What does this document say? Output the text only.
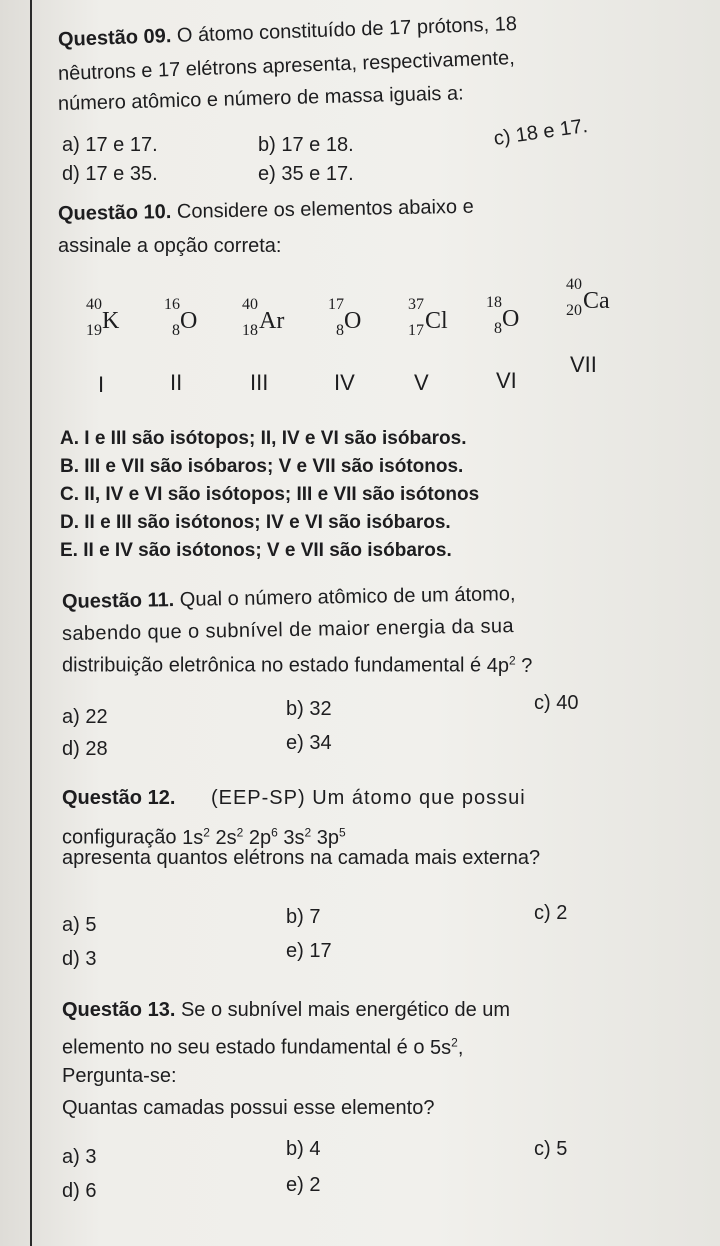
Questão 09. O átomo constituído de 17 prótons, 18
nêutrons e 17 elétrons apresenta, respectivamente,
número atômico e número de massa iguais a:
a) 17 e 17.	b) 17 e 18.	c) 18 e 17.
d) 17 e 35.	e) 35 e 17.
Questão 10. Considere os elementos abaixo e
assinale a opção correta:
40
19 K
16
8 O
40
18 Ar
17
8 O
37
17 Cl
18
8 O
40
20 Ca
I	II	III	IV	V	VI
VII
A. I e III são isótopos; II, IV e VI são isóbaros.
B. III e VII são isóbaros; V e VII são isótonos.
C. II, IV e VI são isótopos; III e VII são isótonos
D. II e III são isótonos; IV e VI são isóbaros.
E. II e IV são isótonos; V e VII são isóbaros.
Questão 11. Qual o número atômico de um átomo,
sabendo que o subnível de maior energia da sua
distribuição eletrônica no estado fundamental é $4p^2$ ?
a) 22	b) 32	c) 40
d) 28	e) 34
Questão 12. (EEP-SP) Um átomo que possui
configuração $1s^2$ $2s^2$ $2p^6$ $3s^2$ $3p^5$
apresenta quantos elétrons na camada mais externa?
a) 5	b) 7	c) 2
d) 3	e) 17
Questão 13. Se o subnível mais energético de um
elemento no seu estado fundamental é o $5s^2$,
Pergunta-se:
Quantas camadas possui esse elemento?
a) 3	b) 4	c) 5
d) 6	e) 2
